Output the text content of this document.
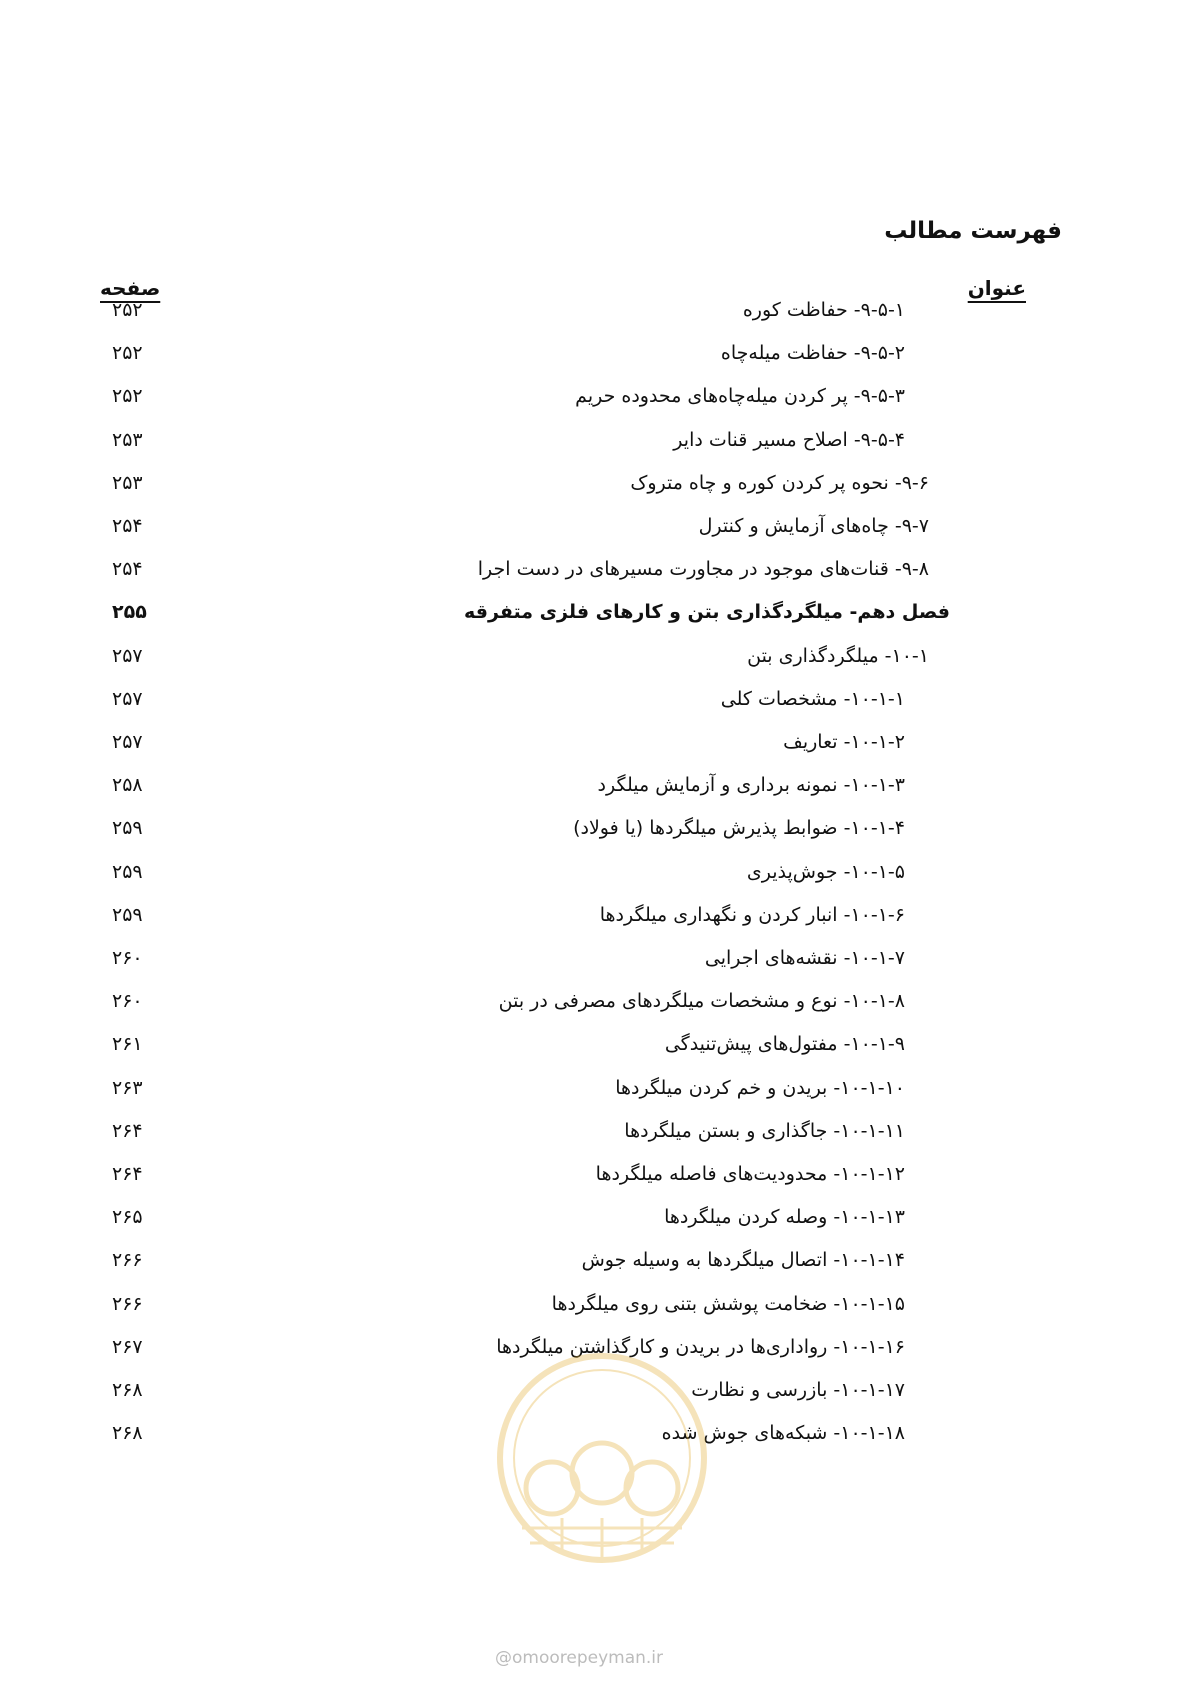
فهرست مطالب
عنوان
صفحه
۹-۵-۱- حفاظت کوره
۲۵۲
۹-۵-۲- حفاظت میله‌چاه
۲۵۲
۹-۵-۳- پر کردن میله‌چاه‌های محدوده حریم
۲۵۲
۹-۵-۴- اصلاح مسیر قنات دایر
۲۵۳
۹-۶- نحوه پر کردن کوره و چاه متروک
۲۵۳
۹-۷- چاه‌های آزمایش و کنترل
۲۵۴
۹-۸- قنات‌های موجود در مجاورت مسیرهای در دست اجرا
۲۵۴
فصل دهم- میلگردگذاری بتن و کارهای فلزی متفرقه
۲۵۵
۱۰-۱- میلگردگذاری بتن
۲۵۷
۱۰-۱-۱- مشخصات کلی
۲۵۷
۱۰-۱-۲- تعاریف
۲۵۷
۱۰-۱-۳- نمونه برداری و آزمایش میلگرد
۲۵۸
۱۰-۱-۴- ضوابط پذیرش میلگردها (یا فولاد)
۲۵۹
۱۰-۱-۵- جوش‌پذیری
۲۵۹
۱۰-۱-۶- انبار کردن و نگهداری میلگردها
۲۵۹
۱۰-۱-۷- نقشه‌های اجرایی
۲۶۰
۱۰-۱-۸- نوع و مشخصات میلگردهای مصرفی در بتن
۲۶۰
۱۰-۱-۹- مفتول‌های پیش‌تنیدگی
۲۶۱
۱۰-۱-۱۰- بریدن و خم کردن میلگردها
۲۶۳
۱۰-۱-۱۱- جاگذاری و بستن میلگردها
۲۶۴
۱۰-۱-۱۲- محدودیت‌های فاصله میلگردها
۲۶۴
۱۰-۱-۱۳- وصله کردن میلگردها
۲۶۵
۱۰-۱-۱۴- اتصال میلگردها به وسیله جوش
۲۶۶
۱۰-۱-۱۵- ضخامت پوشش بتنی روی میلگردها
۲۶۶
۱۰-۱-۱۶- رواداری‌ها در بریدن و کارگذاشتن میلگردها
۲۶۷
۱۰-۱-۱۷- بازرسی و نظارت
۲۶۸
۱۰-۱-۱۸- شبکه‌های جوش شده
۲۶۸
@omoorepeyman.ir
